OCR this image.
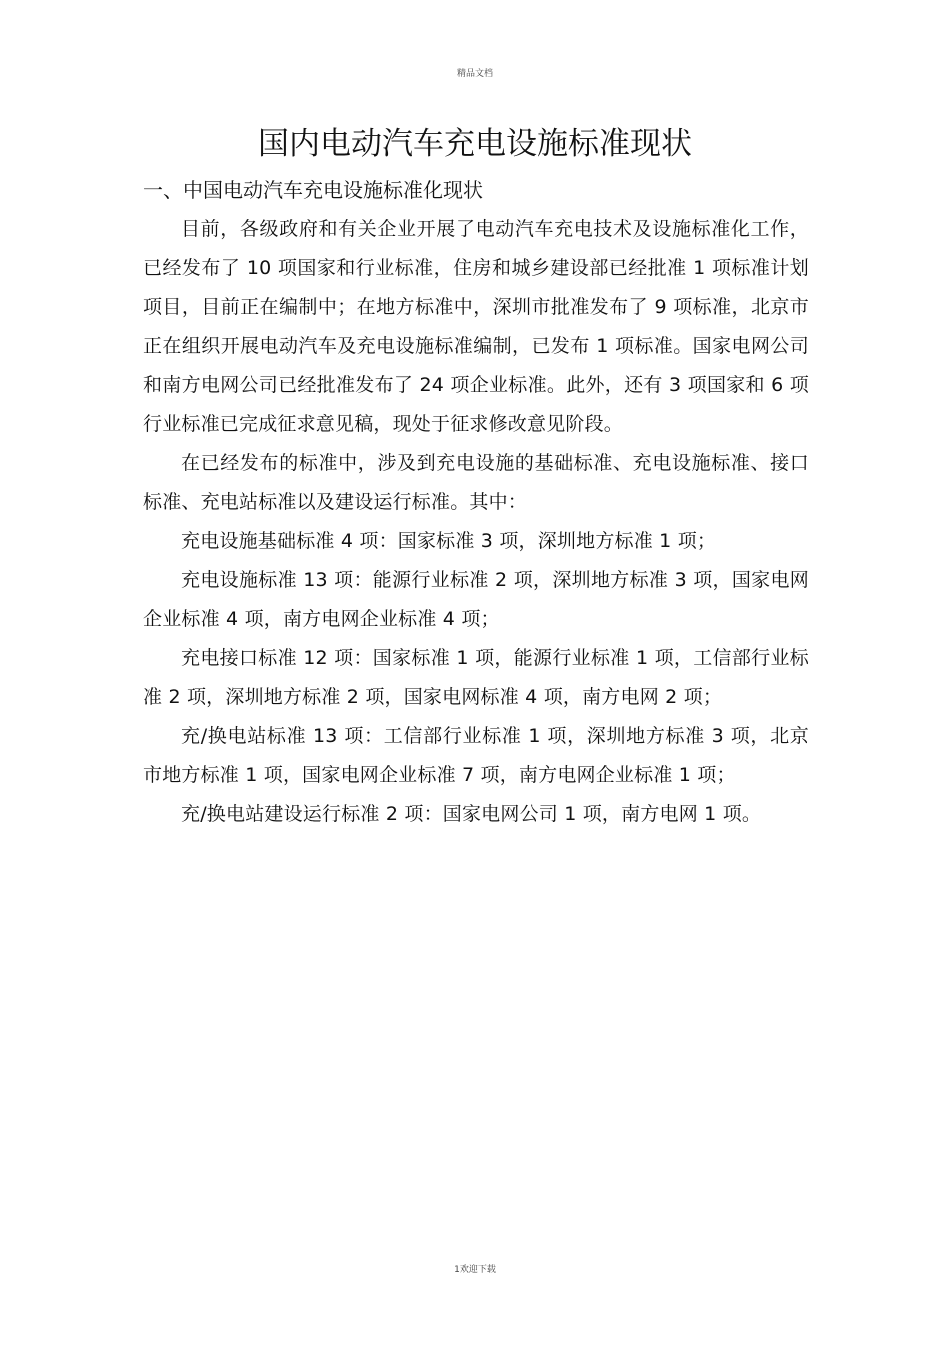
精品文档
国内电动汽车充电设施标准现状
一、中国电动汽车充电设施标准化现状

目前，各级政府和有关企业开展了电动汽车充电技术及设施标准化工作，已经发布了 10 项国家和行业标准，住房和城乡建设部已经批准 1 项标准计划项目，目前正在编制中；在地方标准中，深圳市批准发布了 9 项标准，北京市正在组织开展电动汽车及充电设施标准编制，已发布 1 项标准。国家电网公司和南方电网公司已经批准发布了 24 项企业标准。此外，还有 3 项国家和 6 项行业标准已完成征求意见稿，现处于征求修改意见阶段。

在已经发布的标准中，涉及到充电设施的基础标准、充电设施标准、接口标准、充电站标准以及建设运行标准。其中：

充电设施基础标准 4 项：国家标准 3 项，深圳地方标准 1 项；

充电设施标准 13 项：能源行业标准 2 项，深圳地方标准 3 项，国家电网企业标准 4 项，南方电网企业标准 4 项；

充电接口标准 12 项：国家标准 1 项，能源行业标准 1 项，工信部行业标准 2 项，深圳地方标准 2 项，国家电网标准 4 项，南方电网 2 项；

充/换电站标准 13 项：工信部行业标准 1 项，深圳地方标准 3 项，北京市地方标准 1 项，国家电网企业标准 7 项，南方电网企业标准 1 项；

充/换电站建设运行标准 2 项：国家电网公司 1 项，南方电网 1 项。

1欢迎下载
